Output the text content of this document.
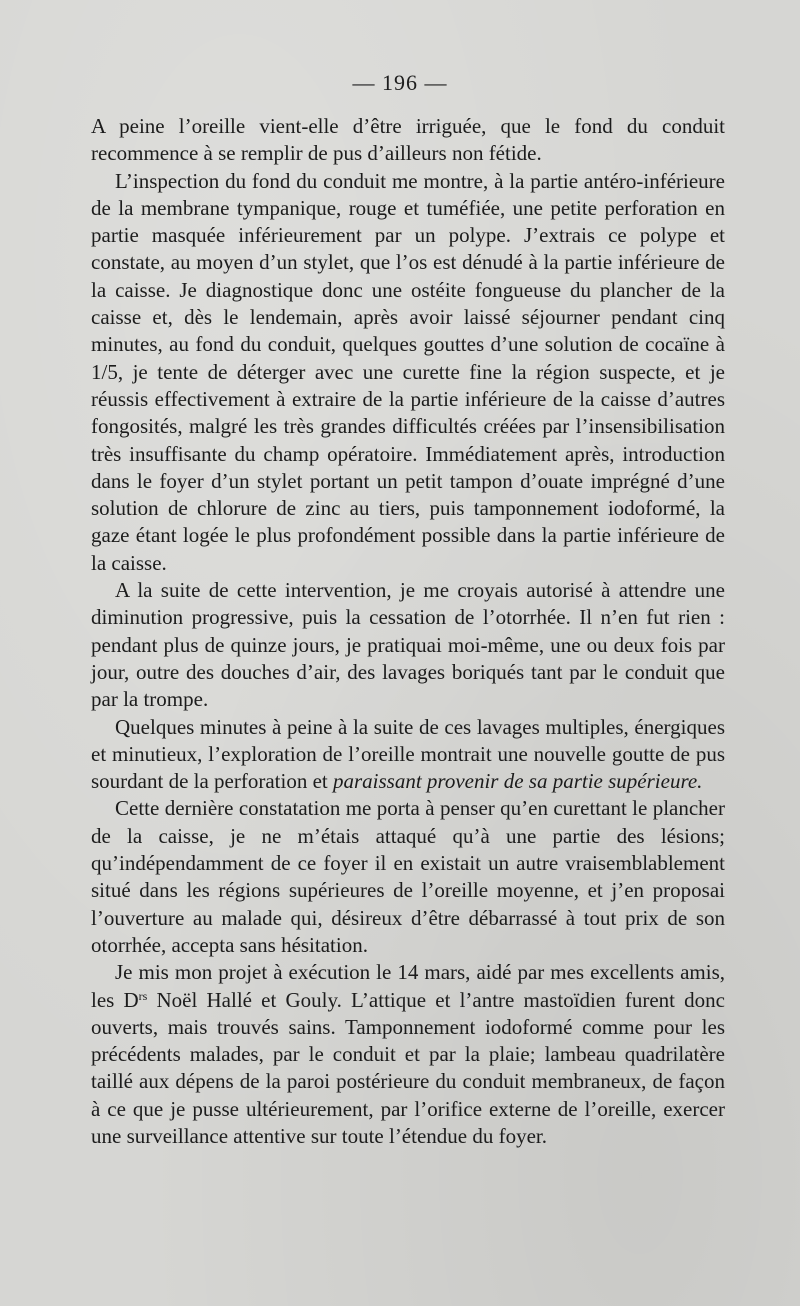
— 196 —

A peine l’oreille vient-elle d’être irriguée, que le fond du conduit recommence à se remplir de pus d’ailleurs non fétide.

L’inspection du fond du conduit me montre, à la partie antéro-inférieure de la membrane tympanique, rouge et tuméfiée, une petite perforation en partie masquée inférieurement par un polype. J’extrais ce polype et constate, au moyen d’un stylet, que l’os est dénudé à la partie inférieure de la caisse. Je diagnostique donc une ostéite fongueuse du plancher de la caisse et, dès le lendemain, après avoir laissé séjourner pendant cinq minutes, au fond du conduit, quelques gouttes d’une solution de cocaïne à 1/5, je tente de déterger avec une curette fine la région suspecte, et je réussis effectivement à extraire de la partie inférieure de la caisse d’autres fongosités, malgré les très grandes difficultés créées par l’insensibilisation très insuffisante du champ opératoire. Immédiatement après, introduction dans le foyer d’un stylet portant un petit tampon d’ouate imprégné d’une solution de chlorure de zinc au tiers, puis tamponnement iodoformé, la gaze étant logée le plus profondément possible dans la partie inférieure de la caisse.

A la suite de cette intervention, je me croyais autorisé à attendre une diminution progressive, puis la cessation de l’otorrhée. Il n’en fut rien : pendant plus de quinze jours, je pratiquai moi-même, une ou deux fois par jour, outre des douches d’air, des lavages boriqués tant par le conduit que par la trompe.

Quelques minutes à peine à la suite de ces lavages multiples, énergiques et minutieux, l’exploration de l’oreille montrait une nouvelle goutte de pus sourdant de la perforation et paraissant provenir de sa partie supérieure.

Cette dernière constatation me porta à penser qu’en curettant le plancher de la caisse, je ne m’étais attaqué qu’à une partie des lésions; qu’indépendamment de ce foyer il en existait un autre vraisemblablement situé dans les régions supérieures de l’oreille moyenne, et j’en proposai l’ouverture au malade qui, désireux d’être débarrassé à tout prix de son otorrhée, accepta sans hésitation.

Je mis mon projet à exécution le 14 mars, aidé par mes excellents amis, les $D^{rs}$ Noël Hallé et Gouly. L’attique et l’antre mastoïdien furent donc ouverts, mais trouvés sains. Tamponnement iodoformé comme pour les précédents malades, par le conduit et par la plaie; lambeau quadrilatère taillé aux dépens de la paroi postérieure du conduit membraneux, de façon à ce que je pusse ultérieurement, par l’orifice externe de l’oreille, exercer une surveillance attentive sur toute l’étendue du foyer.
